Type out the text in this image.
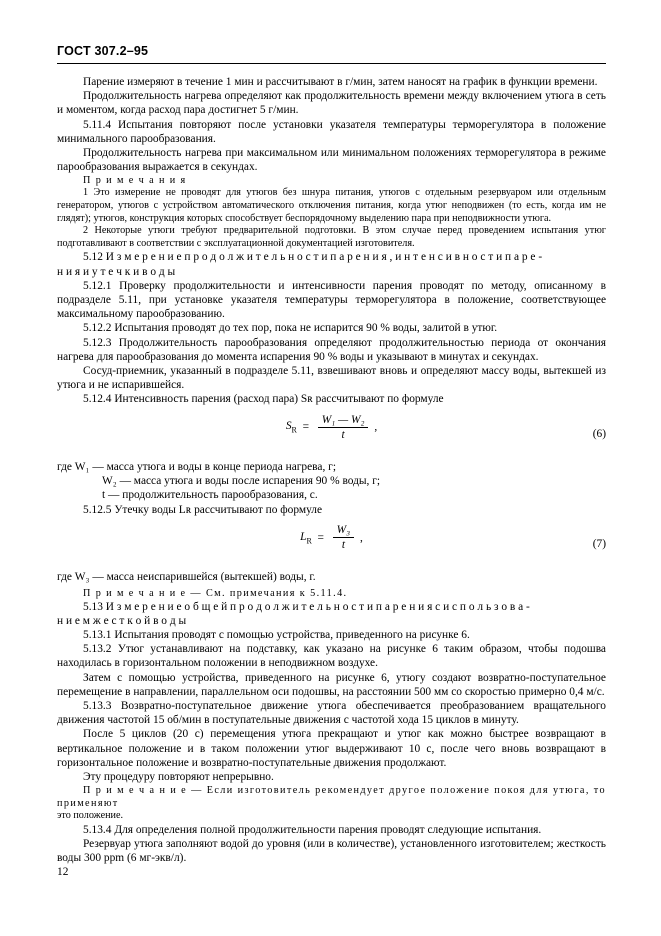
ГОСТ 307.2–95

Парение измеряют в течение 1 мин и рассчитывают в г/мин, затем наносят на график в функции времени.

Продолжительность нагрева определяют как продолжительность времени между включением утюга в сеть и моментом, когда расход пара достигнет 5 г/мин.

5.11.4 Испытания повторяют после установки указателя температуры терморегулятора в положение минимального парообразования.

Продолжительность нагрева при максимальном или минимальном положениях терморегулятора в режиме парообразования выражается в секундах.

П р и м е ч а н и я

1 Это измерение не проводят для утюгов без шнура питания, утюгов с отдельным резервуаром или отдельным генератором, утюгов с устройством автоматического отключения питания, когда утюг неподвижен (то есть, когда им не глядят); утюгов, конструкция которых способствует беспорядочному выделению пара при неподвижности утюга.

2 Некоторые утюги требуют предварительной подготовки. В этом случае перед проведением испытания утюг подготавливают в соответствии с эксплуатационной документацией изготовителя.

5.12 И з м е р е н и е п р о д о л ж и т е л ь н о с т и п а р е н и я , и н т е н с и в н о с т и п а р е -

н и я и у т е ч к и в о д ы

5.12.1 Проверку продолжительности и интенсивности парения проводят по методу, описанному в подразделе 5.11, при установке указателя температуры терморегулятора в положение, соответствующее максимальному парообразованию.

5.12.2 Испытания проводят до тех пор, пока не испарится 90 % воды, залитой в утюг.

5.12.3 Продолжительность парообразования определяют продолжительностью периода от окончания нагрева для парообразования до момента испарения 90 % воды и указывают в минутах и секундах.

Сосуд-приемник, указанный в подразделе 5.11, взвешивают вновь и определяют массу воды, вытекшей из утюга и не испарившейся.

5.12.4 Интенсивность парения (расход пара) Sʀ рассчитывают по формуле

$S_R = \frac{\text{W₁ — W₂}}{t}$ ,
(6)
где W₁ — масса утюга и воды в конце периода нагрева, г;
W₂ — масса утюга и воды после испарения 90 % воды, г;
t — продолжительность парообразования, с.

5.12.5 Утечку воды Lʀ рассчитывают по формуле

$L_R = \frac{\text{W₃}}{t}$ ,
(7)
где W₃ — масса неиспарившейся (вытекшей) воды, г.

П р и м е ч а н и е — См. примечания к 5.11.4.

5.13 И з м е р е н и е о б щ е й п р о д о л ж и т е л ь н о с т и п а р е н и я с и с п о л ь з о в а -

н и е м ж е с т к о й в о д ы

5.13.1 Испытания проводят с помощью устройства, приведенного на рисунке 6.

5.13.2 Утюг устанавливают на подставку, как указано на рисунке 6 таким образом, чтобы подошва находилась в горизонтальном положении в неподвижном воздухе.

Затем с помощью устройства, приведенного на рисунке 6, утюгу создают возвратно-поступательное перемещение в направлении, параллельном оси подошвы, на расстоянии 500 мм со скоростью примерно 0,4 м/с.

5.13.3 Возвратно-поступательное движение утюга обеспечивается преобразованием вращательного движения частотой 15 об/мин в поступательные движения с частотой хода 15 циклов в минуту.

После 5 циклов (20 с) перемещения утюга прекращают и утюг как можно быстрее возвращают в вертикальное положение и в таком положении утюг выдерживают 10 с, после чего вновь возвращают в горизонтальное положение и возвратно-поступательные движения продолжают.

Эту процедуру повторяют непрерывно.

П р и м е ч а н и е — Если изготовитель рекомендует другое положение покоя для утюга, то применяют

это положение.

5.13.4 Для определения полной продолжительности парения проводят следующие испытания.

Резервуар утюга заполняют водой до уровня (или в количестве), установленного изготовителем; жесткость воды 300 ppm (6 мг-экв/л).

12
